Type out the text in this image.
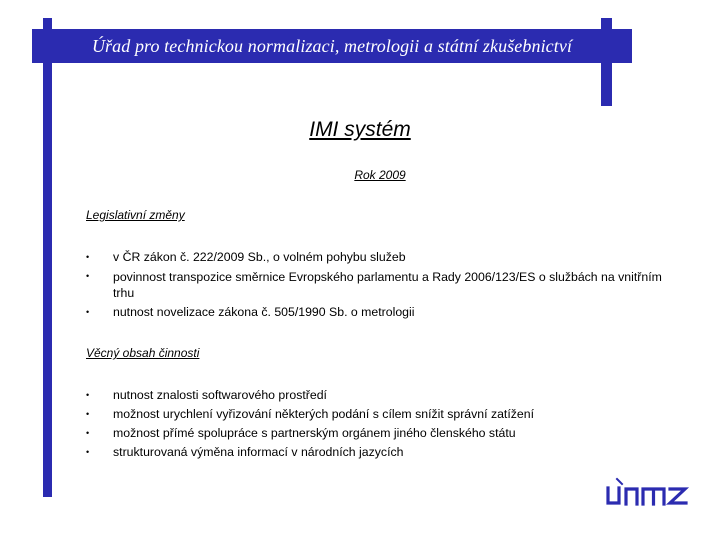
Úřad pro technickou normalizaci, metrologii a státní zkušebnictví
IMI systém
Rok 2009
Legislativní změny
• v ČR zákon č. 222/2009 Sb., o volném pohybu služeb
• povinnost transpozice směrnice Evropského parlamentu a Rady 2006/123/ES o službách na vnitřním trhu
• nutnost novelizace zákona č. 505/1990 Sb. o metrologii
Věcný obsah činnosti
• nutnost znalosti softwarového prostředí
• možnost urychlení vyřizování některých podání s cílem snížit správní zatížení
• možnost přímé spolupráce s partnerským orgánem jiného členského státu
• strukturovaná výměna informací v národních jazycích
